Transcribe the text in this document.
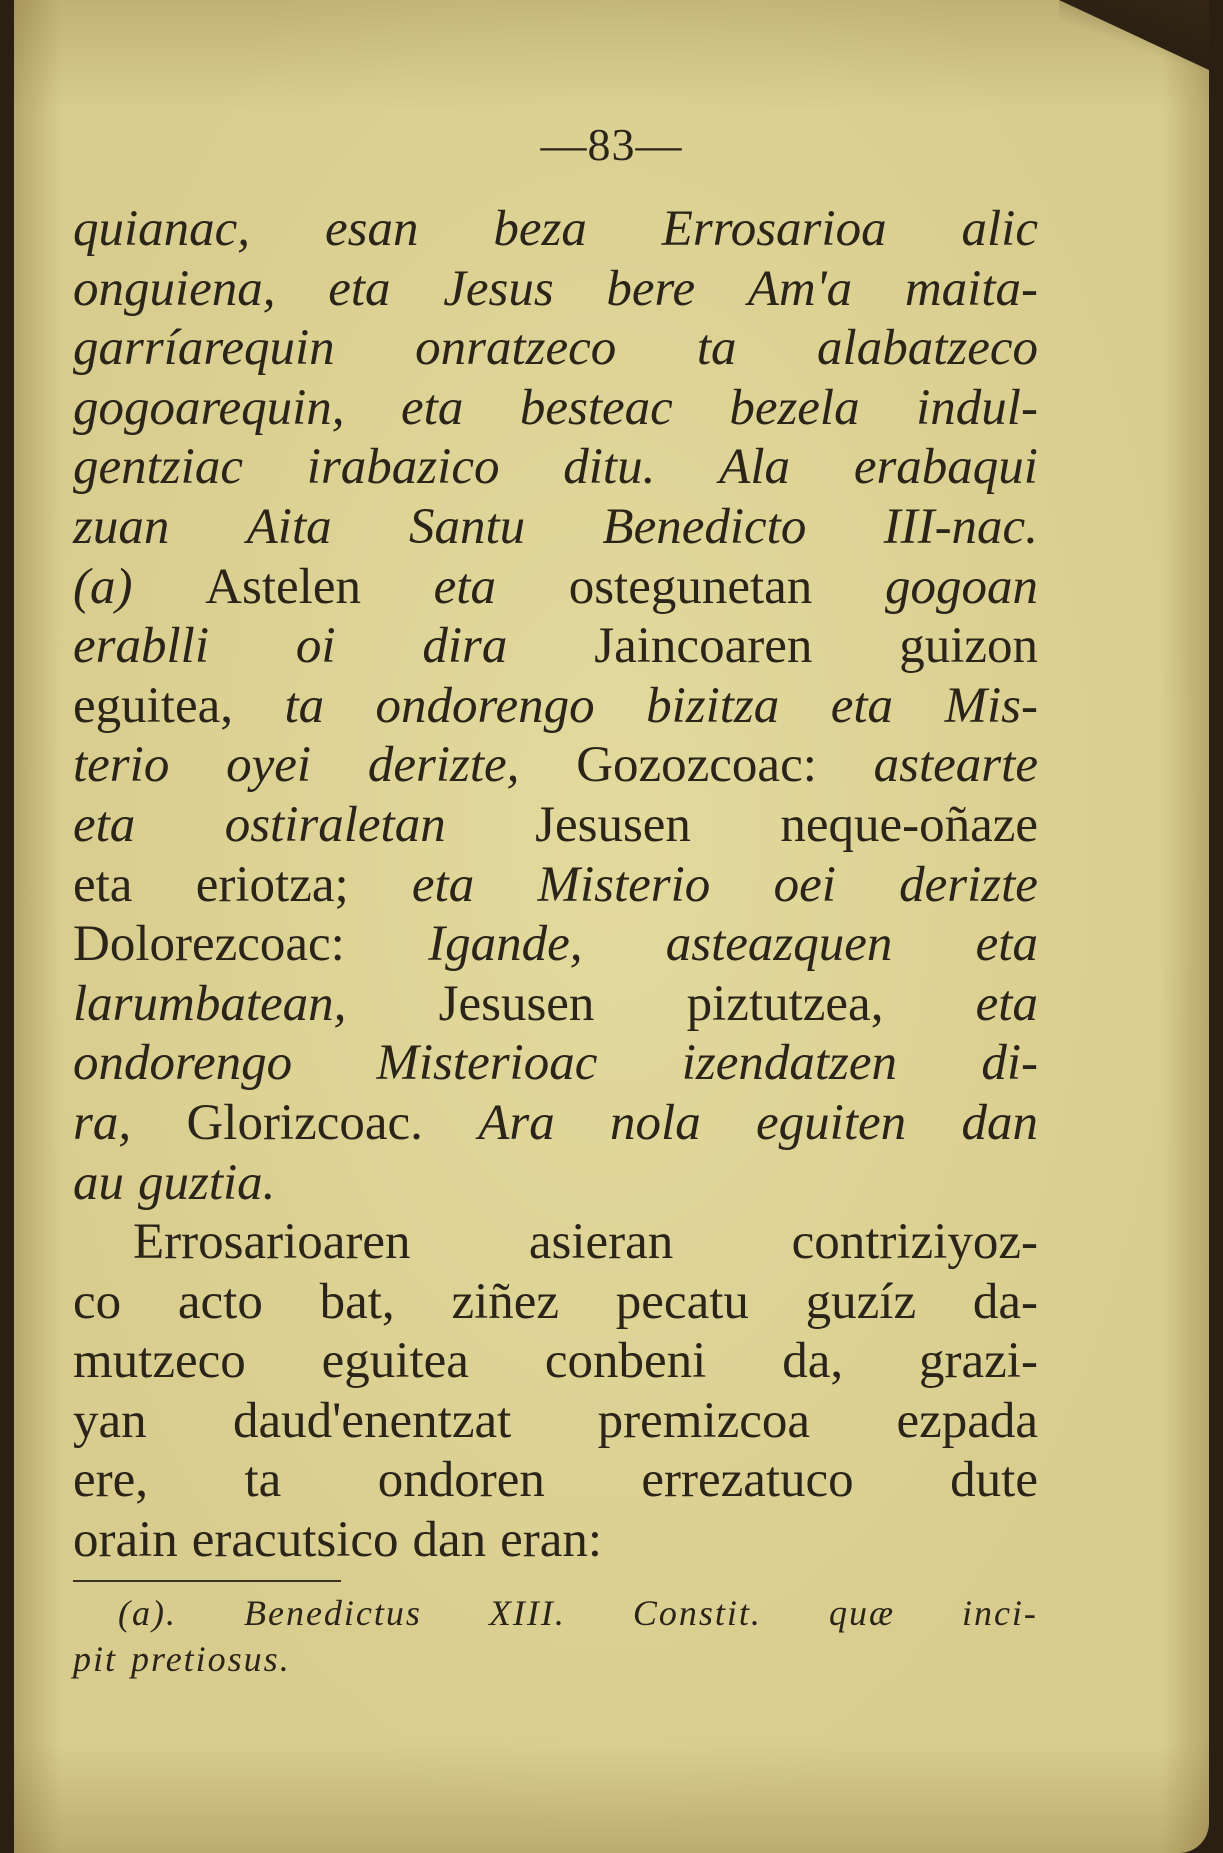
—83—
quianac, esan beza Errosarioa alic
onguiena, eta Jesus bere Am'a maita-
garríarequin onratzeco ta alabatzeco
gogoarequin, eta besteac bezela indul-
gentziac irabazico ditu. Ala erabaqui
zuan Aita Santu Benedicto III-nac.
(a) Astelen eta ostegunetan gogoan
erablli oi dira Jaincoaren guizon
eguitea, ta ondorengo bizitza eta Mis-
terio oyei derizte, Gozozcoac: astearte
eta ostiraletan Jesusen neque-oñaze
eta eriotza; eta Misterio oei derizte
Dolorezcoac: Igande, asteazquen eta
larumbatean, Jesusen piztutzea, eta
ondorengo Misterioac izendatzen di-
ra, Glorizcoac. Ara nola eguiten dan
au guztia.
Errosarioaren asieran contriziyoz-
co acto bat, ziñez pecatu guzíz da-
mutzeco eguitea conbeni da, grazi-
yan daud'enentzat premizcoa ezpada
ere, ta ondoren errezatuco dute
orain eracutsico dan eran:
(a). Benedictus XIII. Constit. quæ inci-
pit pretiosus.
